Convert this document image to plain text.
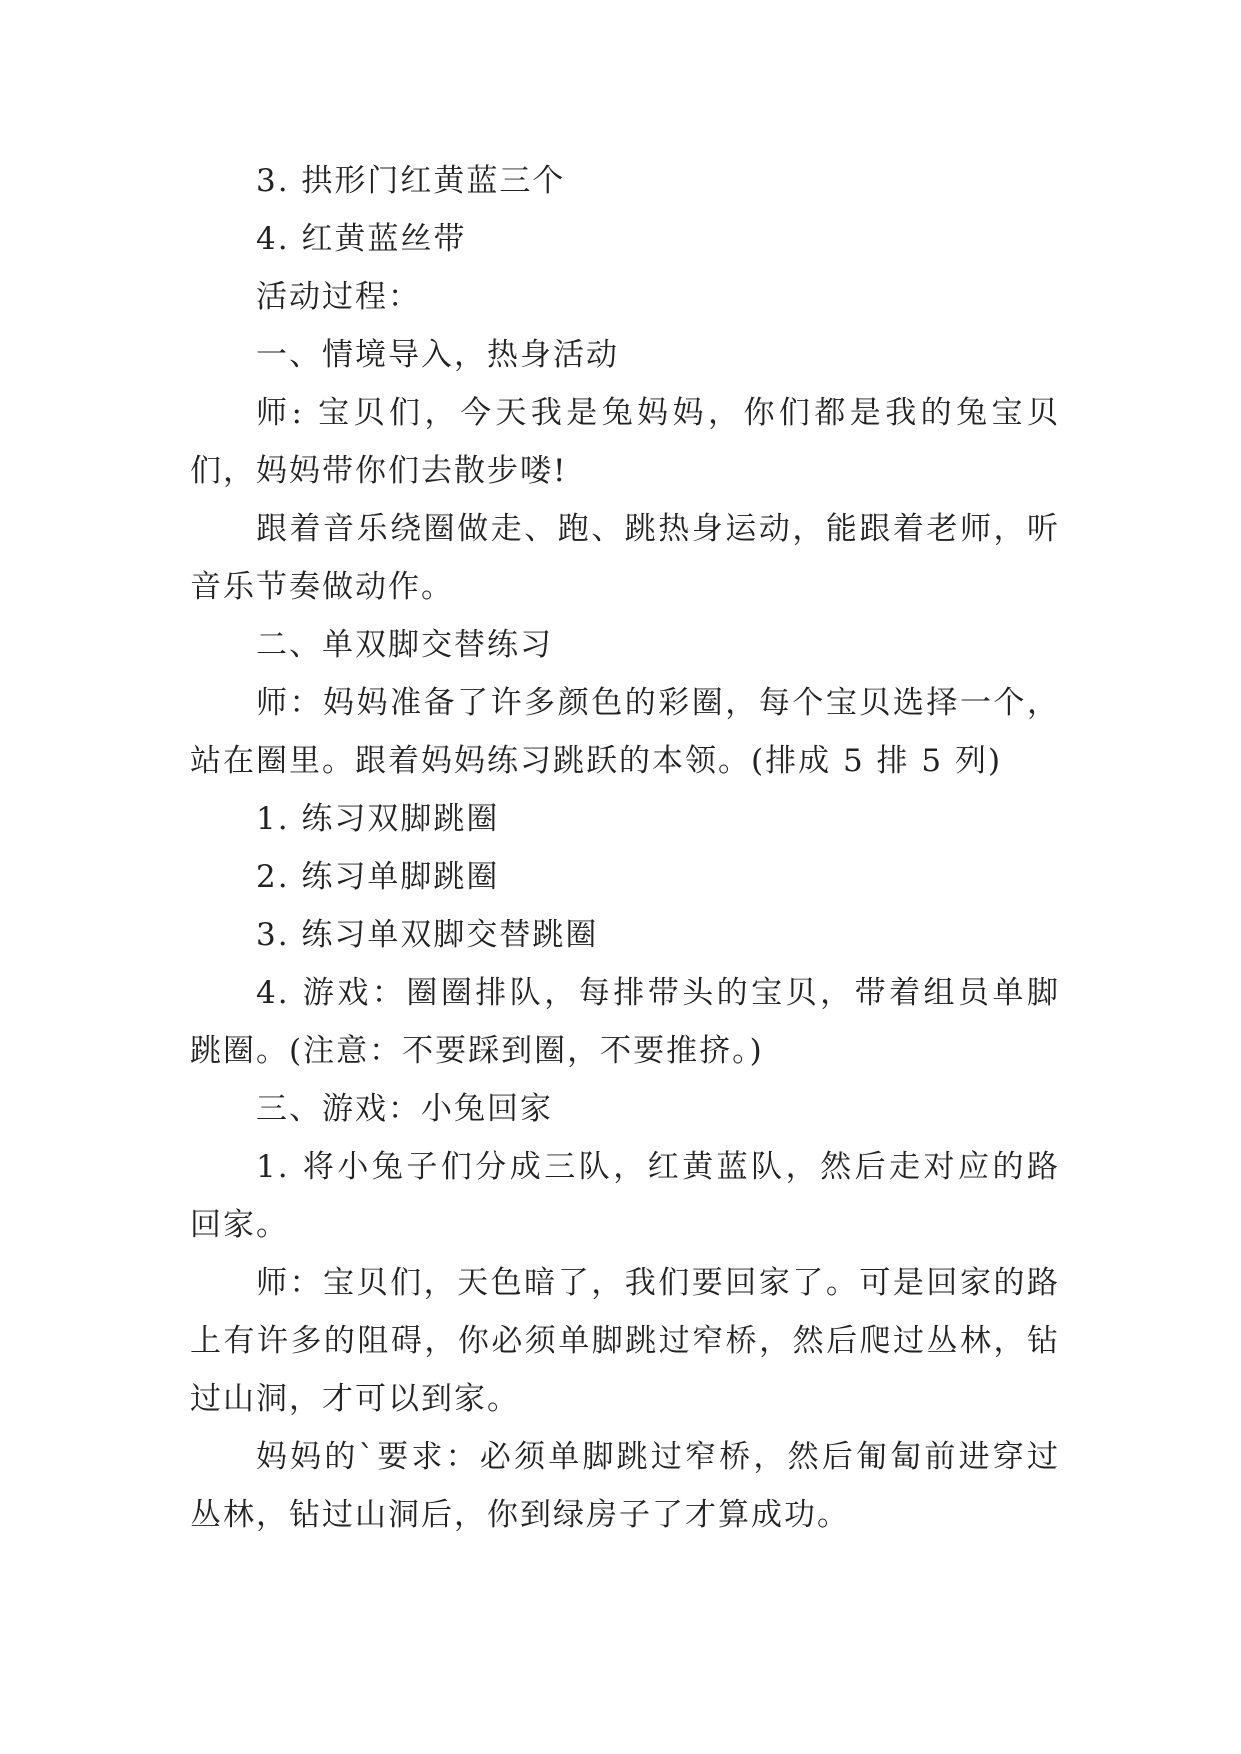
3. 拱形门红黄蓝三个

4. 红黄蓝丝带

活动过程：

一、情境导入，热身活动

师: 宝贝们，今天我是兔妈妈，你们都是我的兔宝贝们，妈妈带你们去散步喽!

跟着音乐绕圈做走、跑、跳热身运动，能跟着老师，听音乐节奏做动作。

二、单双脚交替练习

师：妈妈准备了许多颜色的彩圈，每个宝贝选择一个，站在圈里。跟着妈妈练习跳跃的本领。(排成 5 排 5 列)

1. 练习双脚跳圈

2. 练习单脚跳圈

3. 练习单双脚交替跳圈

4. 游戏：圈圈排队，每排带头的宝贝，带着组员单脚跳圈。(注意：不要踩到圈，不要推挤。)

三、游戏：小兔回家

1. 将小兔子们分成三队，红黄蓝队，然后走对应的路回家。

师：宝贝们，天色暗了，我们要回家了。可是回家的路上有许多的阻碍，你必须单脚跳过窄桥，然后爬过丛林，钻过山洞，才可以到家。

妈妈的`要求：必须单脚跳过窄桥，然后匍匐前进穿过丛林，钻过山洞后，你到绿房子了才算成功。
